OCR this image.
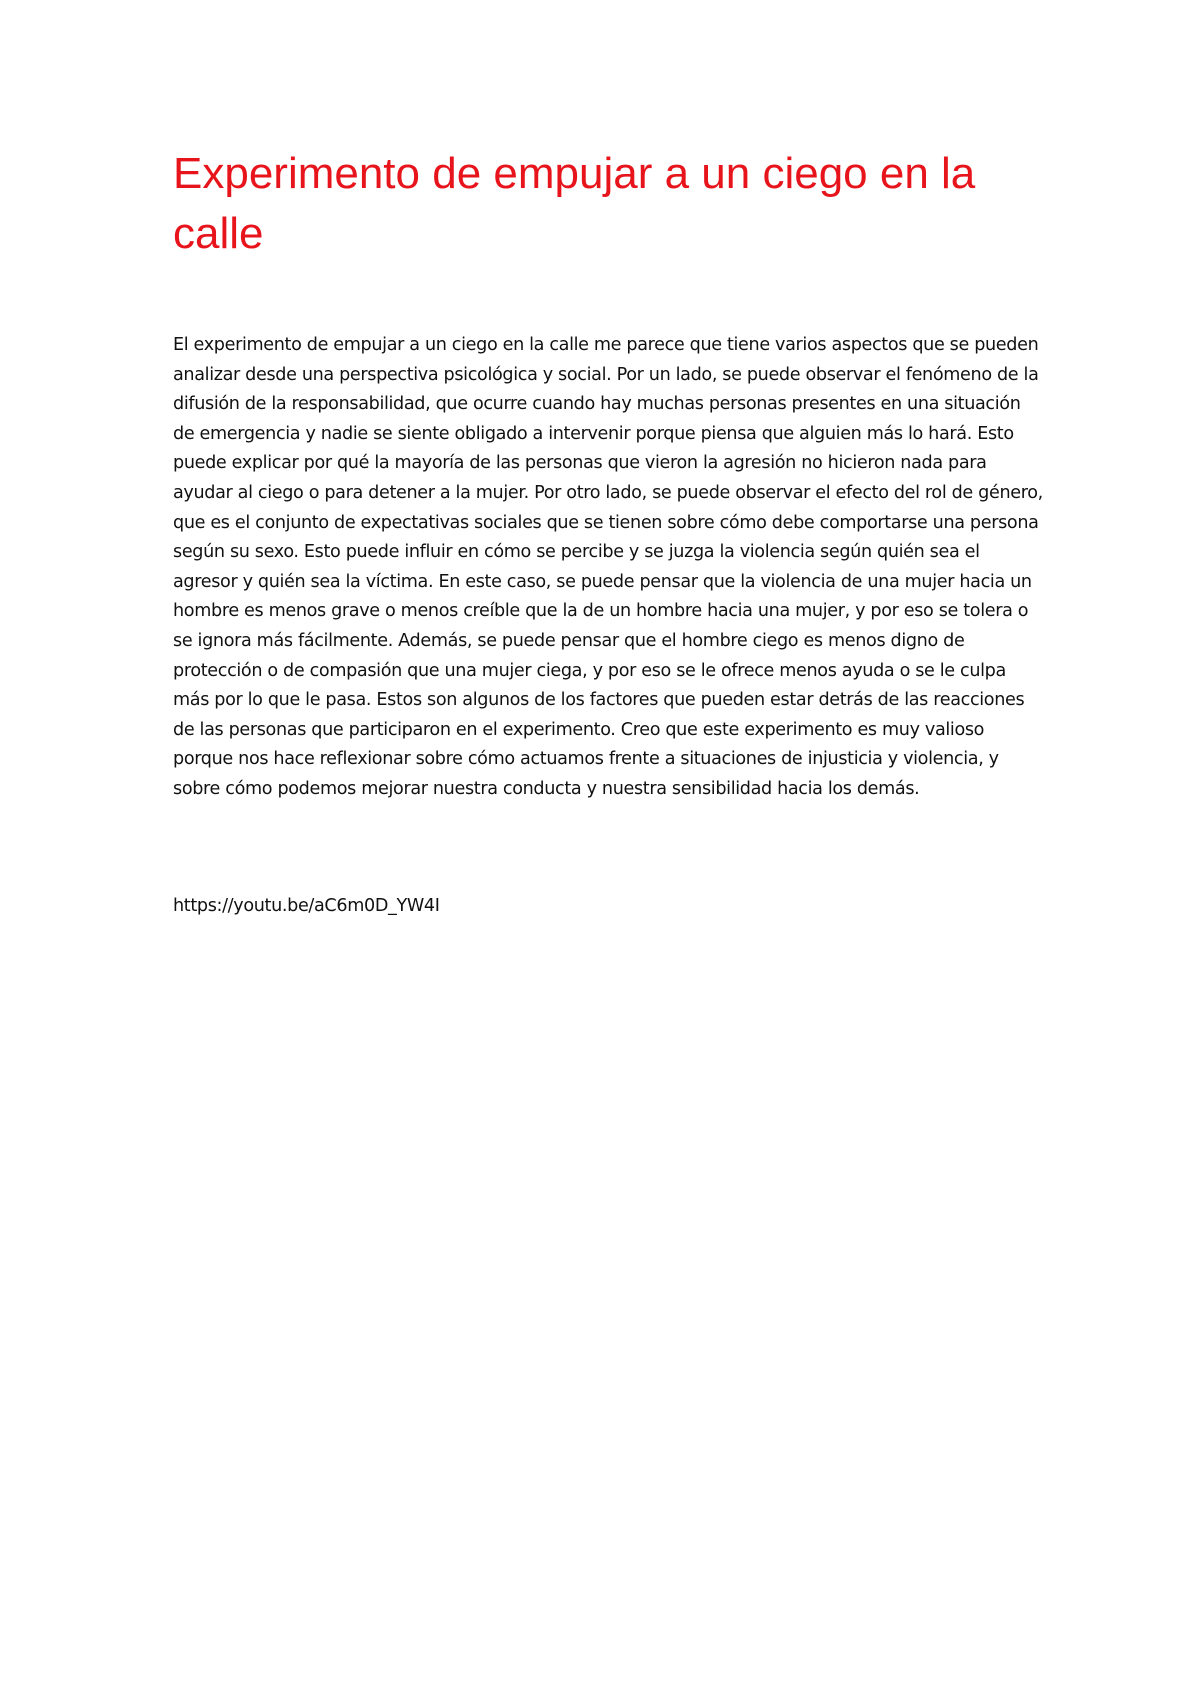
Experimento de empujar a un ciego en la calle

El experimento de empujar a un ciego en la calle me parece que tiene varios aspectos que se pueden analizar desde una perspectiva psicológica y social. Por un lado, se puede observar el fenómeno de la difusión de la responsabilidad, que ocurre cuando hay muchas personas presentes en una situación de emergencia y nadie se siente obligado a intervenir porque piensa que alguien más lo hará. Esto puede explicar por qué la mayoría de las personas que vieron la agresión no hicieron nada para ayudar al ciego o para detener a la mujer. Por otro lado, se puede observar el efecto del rol de género, que es el conjunto de expectativas sociales que se tienen sobre cómo debe comportarse una persona según su sexo. Esto puede influir en cómo se percibe y se juzga la violencia según quién sea el agresor y quién sea la víctima. En este caso, se puede pensar que la violencia de una mujer hacia un hombre es menos grave o menos creíble que la de un hombre hacia una mujer, y por eso se tolera o se ignora más fácilmente. Además, se puede pensar que el hombre ciego es menos digno de protección o de compasión que una mujer ciega, y por eso se le ofrece menos ayuda o se le culpa más por lo que le pasa. Estos son algunos de los factores que pueden estar detrás de las reacciones de las personas que participaron en el experimento. Creo que este experimento es muy valioso porque nos hace reflexionar sobre cómo actuamos frente a situaciones de injusticia y violencia, y sobre cómo podemos mejorar nuestra conducta y nuestra sensibilidad hacia los demás.

https://youtu.be/aC6m0D_YW4I
